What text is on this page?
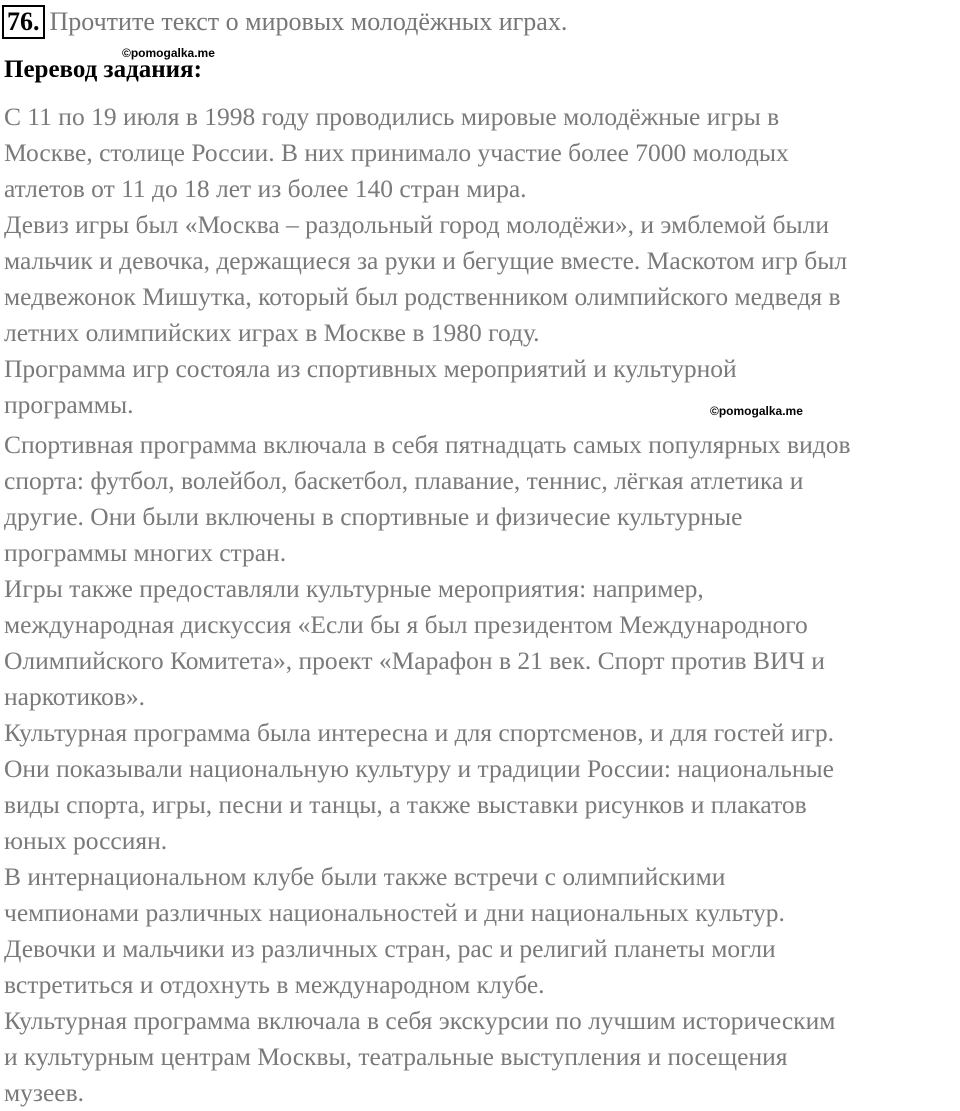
76. Прочтите текст о мировых молодёжных играх.
©pomogalka.me
Перевод задания:

С 11 по 19 июля в 1998 году проводились мировые молодёжные игры в

Москве, столице России. В них принимало участие более 7000 молодых

атлетов от 11 до 18 лет из более 140 стран мира.

Девиз игры был «Москва – раздольный город молодёжи», и эмблемой были

мальчик и девочка, держащиеся за руки и бегущие вместе. Маскотом игр был

медвежонок Мишутка, который был родственником олимпийского медведя в

летних олимпийских играх в Москве в 1980 году.

Программа игр состояла из спортивных мероприятий и культурной

программы.

Спортивная программа включала в себя пятнадцать самых популярных видов

спорта: футбол, волейбол, баскетбол, плавание, теннис, лёгкая атлетика и

другие. Они были включены в спортивные и физичесие культурные

программы многих стран.

Игры также предоставляли культурные мероприятия: например,

международная дискуссия «Если бы я был президентом Международного

Олимпийского Комитета», проект «Марафон в 21 век. Спорт против ВИЧ и

наркотиков».

Культурная программа была интересна и для спортсменов, и для гостей игр.

Они показывали национальную культуру и традиции России: национальные

виды спорта, игры, песни и танцы, а также выставки рисунков и плакатов

юных россиян.

В интернациональном клубе были также встречи с олимпийскими

чемпионами различных национальностей и дни национальных культур.

Девочки и мальчики из различных стран, рас и религий планеты могли

встретиться и отдохнуть в международном клубе.

Культурная программа включала в себя экскурсии по лучшим историческим

и культурным центрам Москвы, театральные выступления и посещения

музеев.

©pomogalka.me
